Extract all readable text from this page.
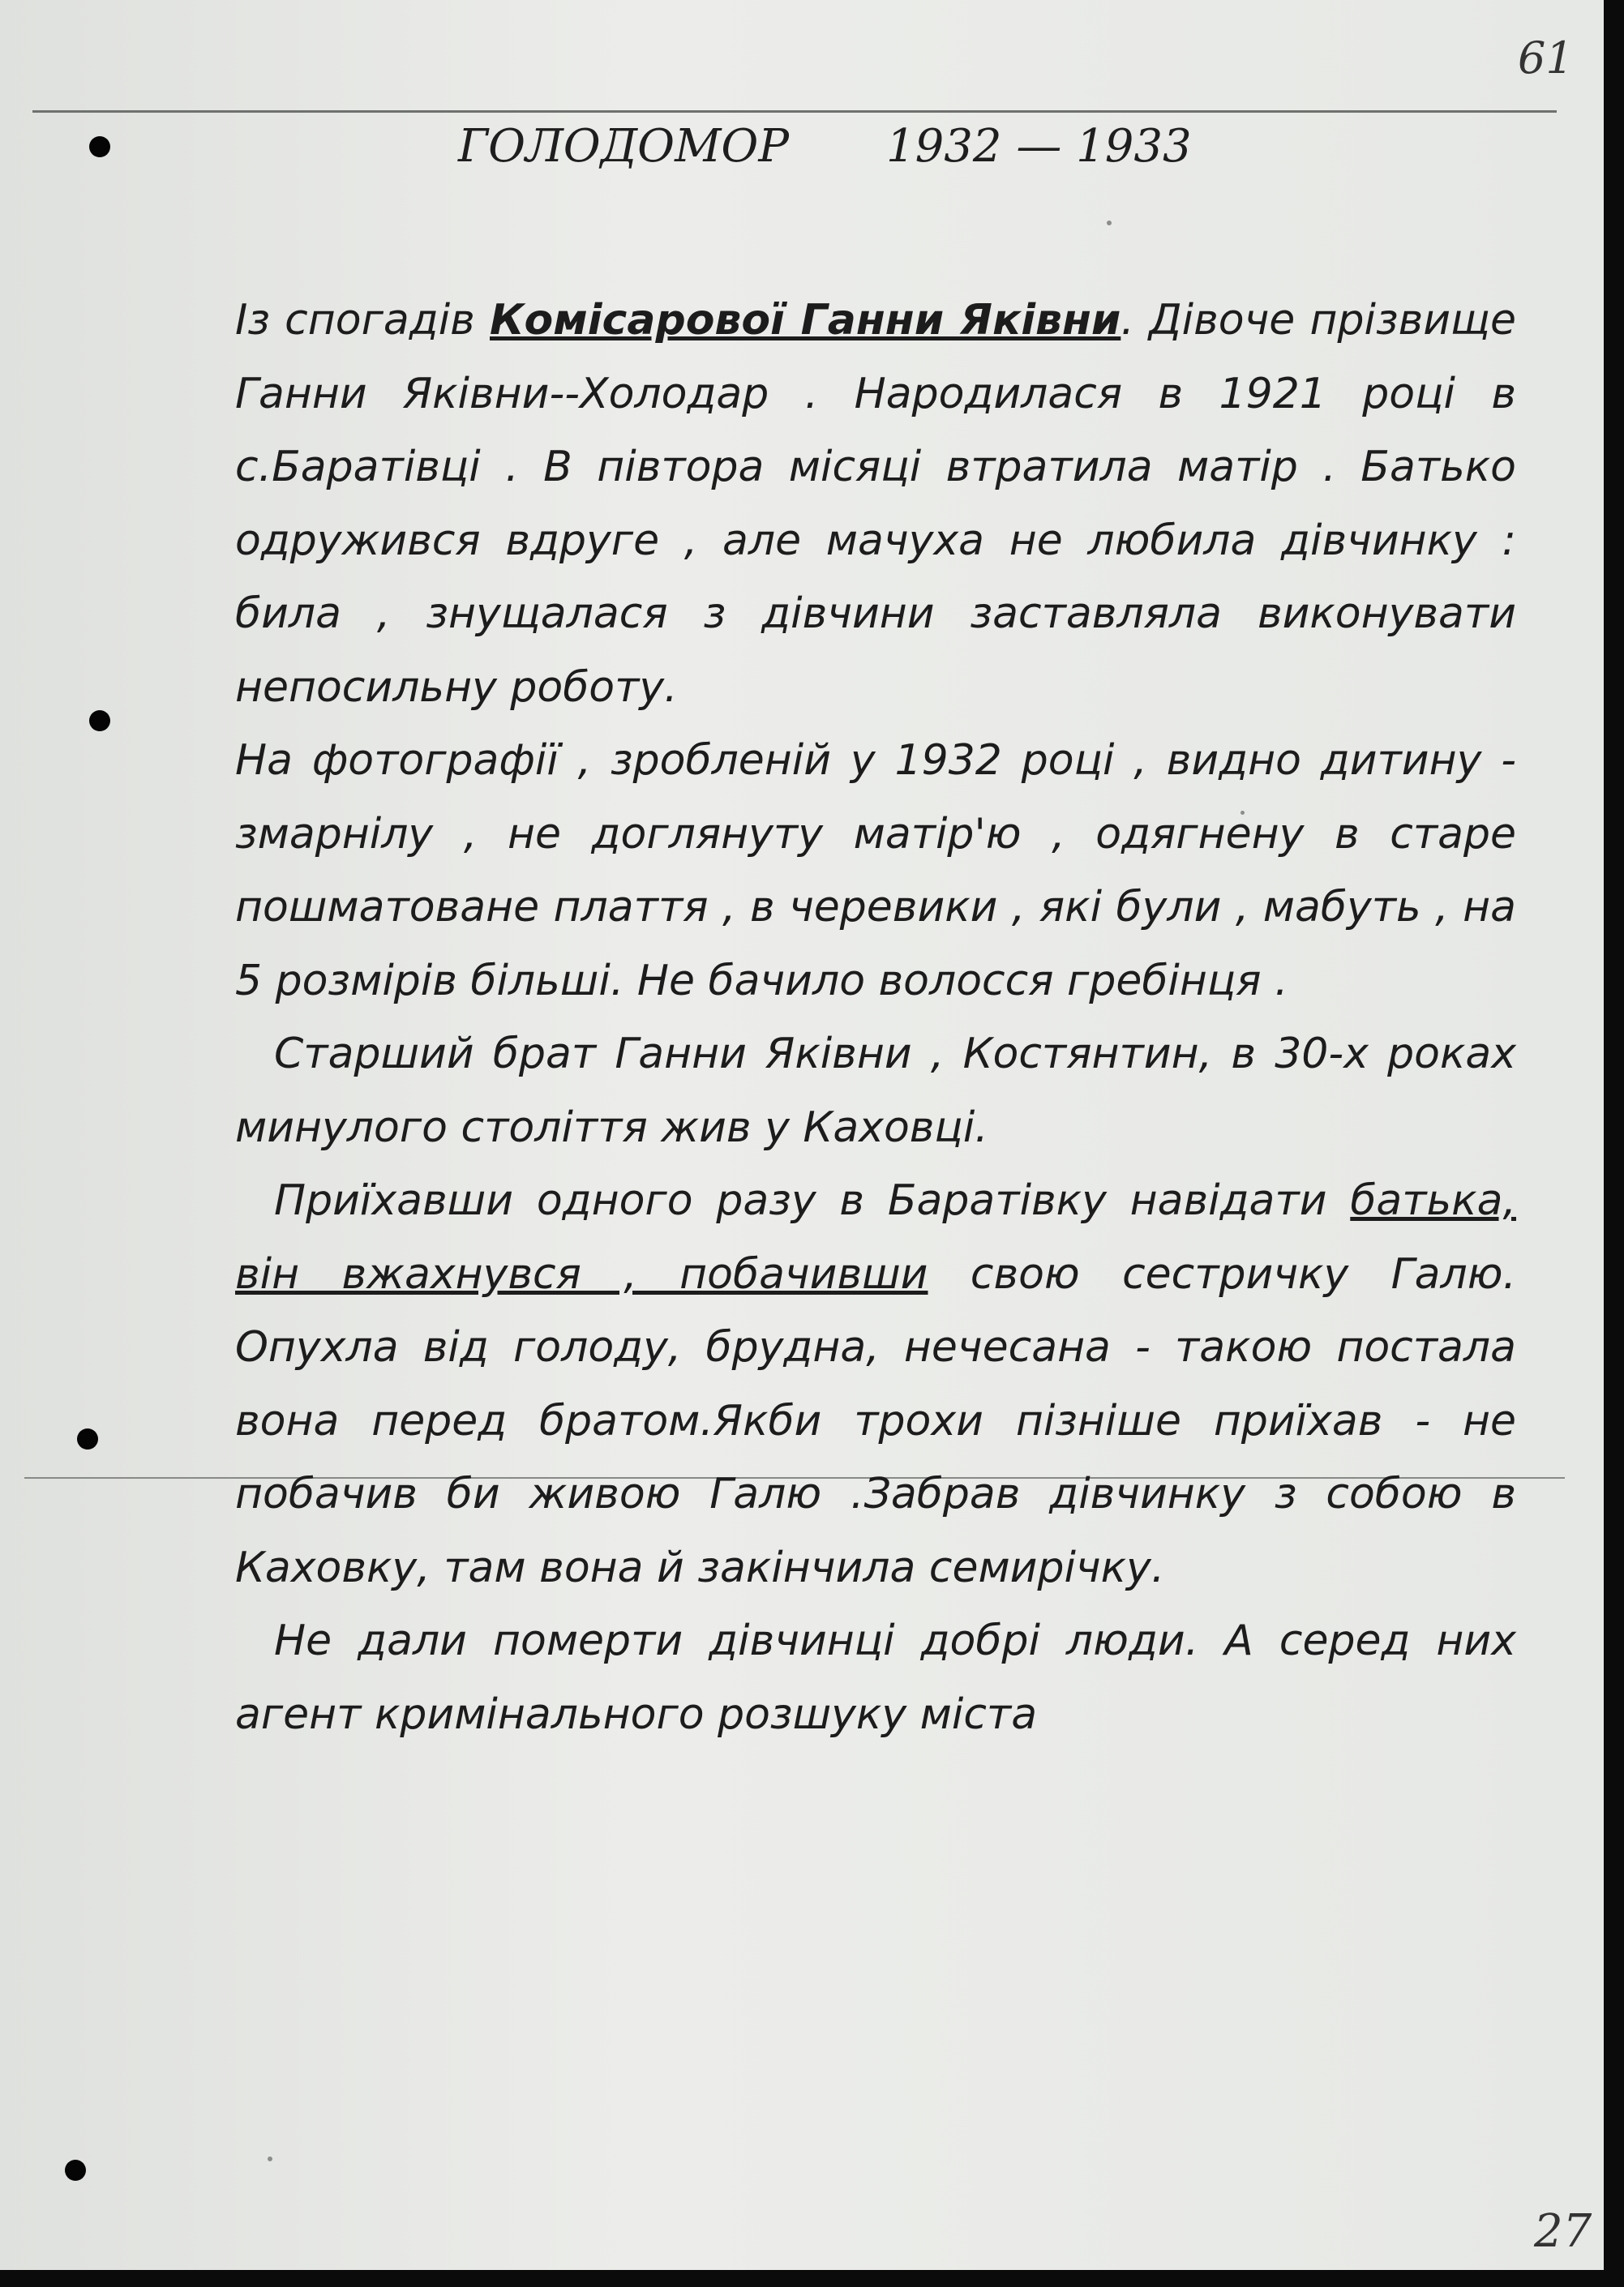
61
27
ГОЛОДОМОР 1932 — 1933

Із спогадів Комісарової Ганни Яківни. Дівоче прізвище Ганни Яківни--Холодар . Народилася в 1921 році в с.Баратівці . В півтора місяці втратила матір . Батько одружився вдруге , але мачуха не любила дівчинку : била , знущалася з дівчини заставляла виконувати непосильну роботу.

На фотографії , зробленій у 1932 році , видно дитину - змарнілу , не доглянуту матір'ю , одягнену в старе пошматоване плаття , в черевики , які були , мабуть , на 5 розмірів більші. Не бачило волосся гребінця .

Старший брат Ганни Яківни , Костянтин, в 30-х роках минулого століття жив у Каховці.

Приїхавши одного разу в Баратівку навідати батька, він вжахнувся , побачивши свою сестричку Галю. Опухла від голоду, брудна, нечесана - такою постала вона перед братом.Якби трохи пізніше приїхав - не побачив би живою Галю .Забрав дівчинку з собою в Каховку, там вона й закінчила семирічку.

Не дали померти дівчинці добрі люди. А серед них агент кримінального розшуку міста
